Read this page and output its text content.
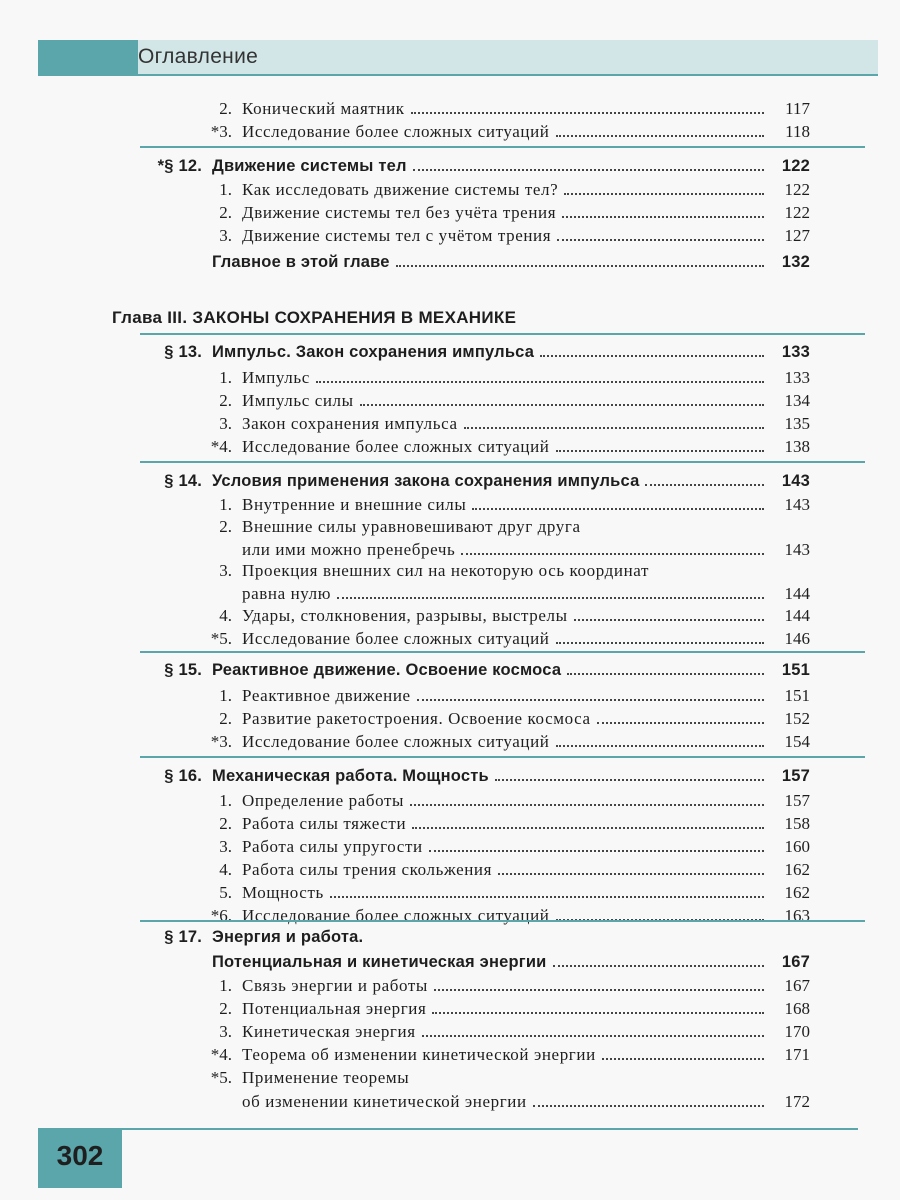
Оглавление
2. Конический маятник	117
*3. Исследование более сложных ситуаций	118
*§ 12. Движение системы тел	122
1. Как исследовать движение системы тел?	122
2. Движение системы тел без учёта трения	122
3. Движение системы тел с учётом трения	127
Главное в этой главе	132
§ 13. Импульс. Закон сохранения импульса	133
1. Импульс	133
2. Импульс силы	134
3. Закон сохранения импульса	135
*4. Исследование более сложных ситуаций	138
§ 14. Условия применения закона сохранения импульса	143
1. Внутренние и внешние силы	143
2. Внешние силы уравновешивают друг друга
или ими можно пренебречь	143
3. Проекция внешних сил на некоторую ось координат
равна нулю	144
4. Удары, столкновения, разрывы, выстрелы	144
*5. Исследование более сложных ситуаций	146
§ 15. Реактивное движение. Освоение космоса	151
1. Реактивное движение	151
2. Развитие ракетостроения. Освоение космоса	152
*3. Исследование более сложных ситуаций	154
§ 16. Механическая работа. Мощность	157
1. Определение работы	157
2. Работа силы тяжести	158
3. Работа силы упругости	160
4. Работа силы трения скольжения	162
5. Мощность	162
*6. Исследование более сложных ситуаций	163
§ 17. Энергия и работа.
Потенциальная и кинетическая энергии	167
1. Связь энергии и работы	167
2. Потенциальная энергия	168
3. Кинетическая энергия	170
*4. Теорема об изменении кинетической энергии	171
*5. Применение теоремы
об изменении кинетической энергии	172
Глава III. ЗАКОНЫ СОХРАНЕНИЯ В МЕХАНИКЕ
302
